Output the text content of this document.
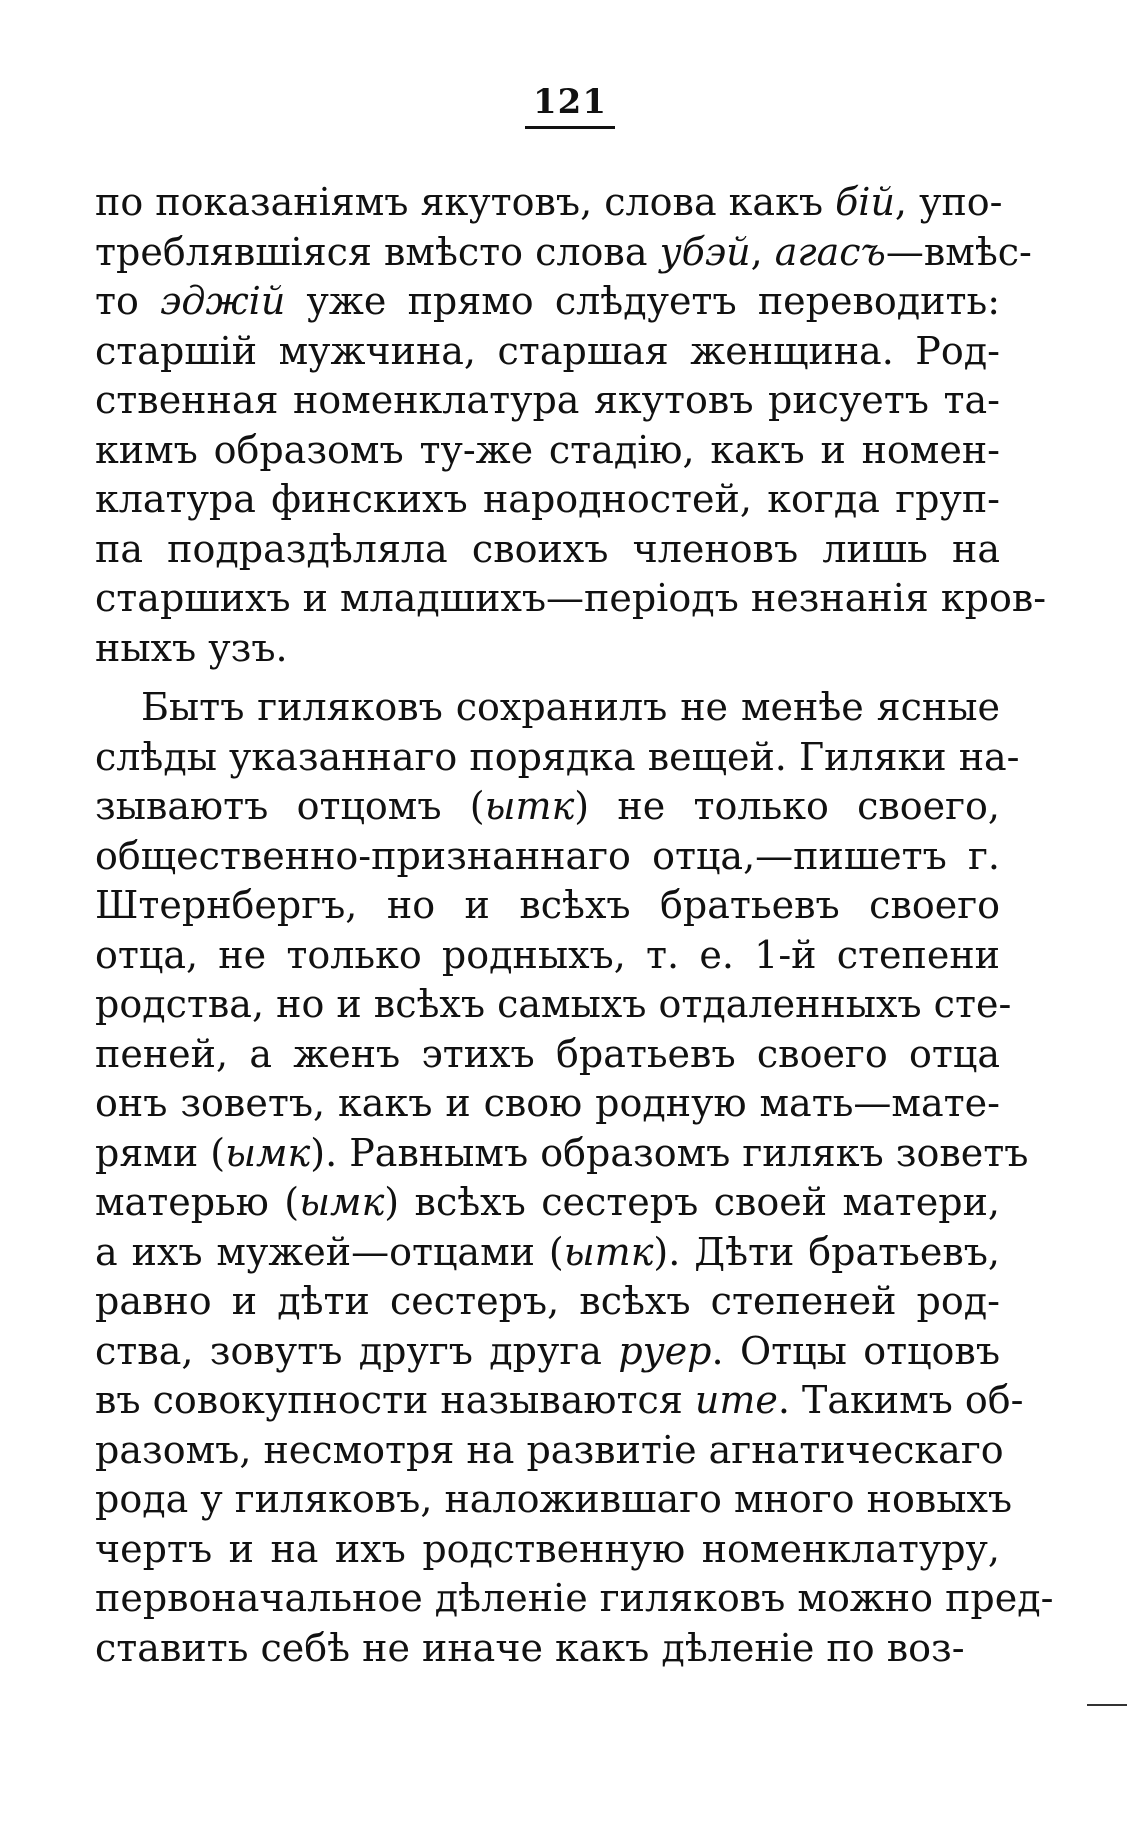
121
по показаніямъ якутовъ, слова какъ бій, упо-
треблявшіяся вмѣсто слова убэй, агасъ—вмѣс-
то эджій уже прямо слѣдуетъ переводить:
старшій мужчина, старшая женщина. Род-
ственная номенклатура якутовъ рисуетъ та-
кимъ образомъ ту-же стадію, какъ и номен-
клатура финскихъ народностей, когда груп-
па подраздѣляла своихъ членовъ лишь на
старшихъ и младшихъ—періодъ незнанія кров-
ныхъ узъ.
Бытъ гиляковъ сохранилъ не менѣе ясные
слѣды указаннаго порядка вещей. Гиляки на-
зываютъ отцомъ (ытк) не только своего,
общественно-признаннаго отца,—пишетъ г.
Штернбергъ, но и всѣхъ братьевъ своего
отца, не только родныхъ, т. е. 1-й степени
родства, но и всѣхъ самыхъ отдаленныхъ сте-
пеней, а женъ этихъ братьевъ своего отца
онъ зоветъ, какъ и свою родную мать—мате-
рями (ымк). Равнымъ образомъ гилякъ зоветъ
матерью (ымк) всѣхъ сестеръ своей матери,
а ихъ мужей—отцами (ытк). Дѣти братьевъ,
равно и дѣти сестеръ, всѣхъ степеней род-
ства, зовутъ другъ друга руер. Отцы отцовъ
въ совокупности называются ите. Такимъ об-
разомъ, несмотря на развитіе агнатическаго
рода у гиляковъ, наложившаго много новыхъ
чертъ и на ихъ родственную номенклатуру,
первоначальное дѣленіе гиляковъ можно пред-
ставить себѣ не иначе какъ дѣленіе по воз-
